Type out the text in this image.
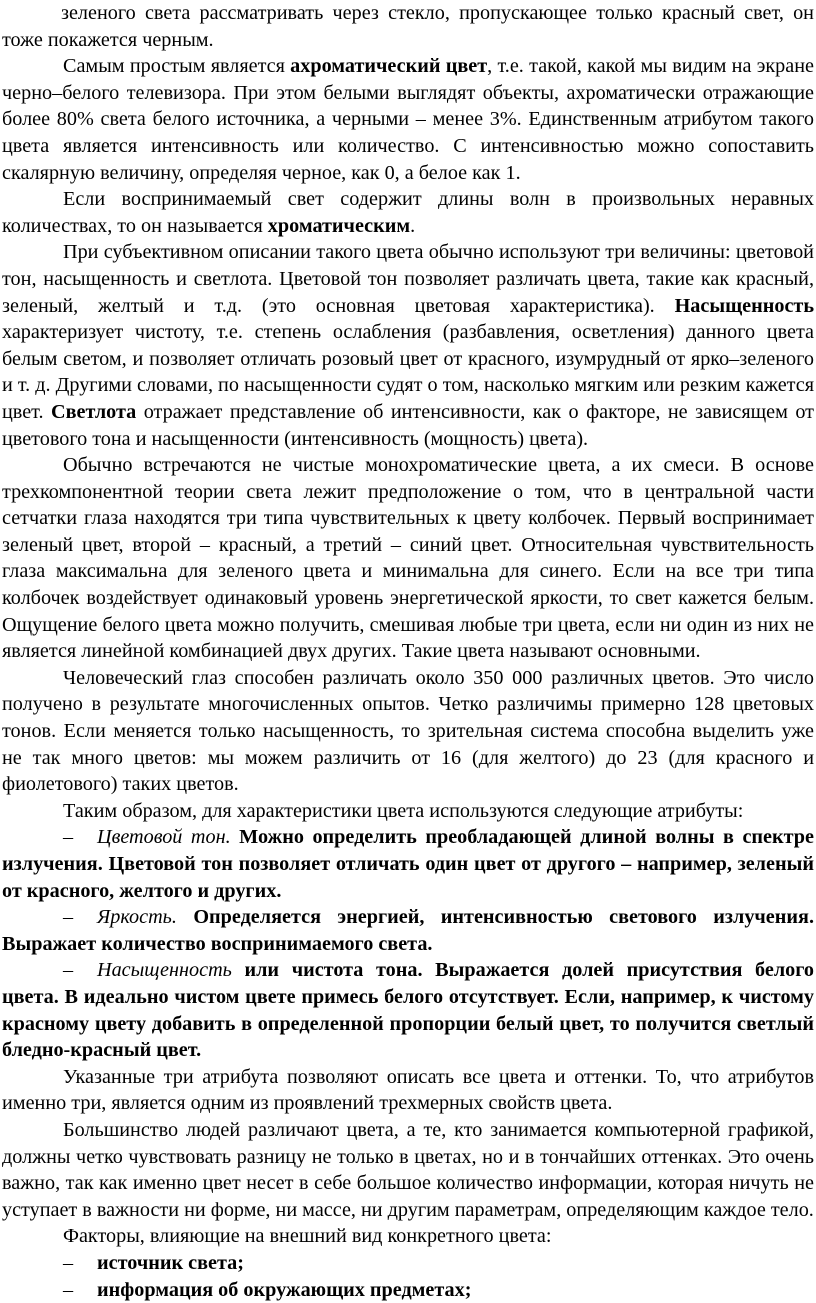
зеленого света рассматривать через стекло, пропускающее только красный свет, он тоже покажется черным.

Самым простым является ахроматический цвет, т.е. такой, какой мы видим на экране черно–белого телевизора. При этом белыми выглядят объекты, ахроматически отражающие более 80% света белого источника, а черными – менее 3%. Единственным атрибутом такого цвета является интенсивность или количество. С интенсивностью можно сопоставить скалярную величину, определяя черное, как 0, а белое как 1.

Если воспринимаемый свет содержит длины волн в произвольных неравных количествах, то он называется хроматическим.

При субъективном описании такого цвета обычно используют три величины: цветовой тон, насыщенность и светлота. Цветовой тон позволяет различать цвета, такие как красный, зеленый, желтый и т.д. (это основная цветовая характеристика). Насыщенность характеризует чистоту, т.е. степень ослабления (разбавления, осветления) данного цвета белым светом, и позволяет отличать розовый цвет от красного, изумрудный от ярко–зеленого и т. д. Другими словами, по насыщенности судят о том, насколько мягким или резким кажется цвет. Светлота отражает представление об интенсивности, как о факторе, не зависящем от цветового тона и насыщенности (интенсивность (мощность) цвета).

Обычно встречаются не чистые монохроматические цвета, а их смеси. В основе трехкомпонентной теории света лежит предположение о том, что в центральной части сетчатки глаза находятся три типа чувствительных к цвету колбочек. Первый воспринимает зеленый цвет, второй – красный, а третий – синий цвет. Относительная чувствительность глаза максимальна для зеленого цвета и минимальна для синего. Если на все три типа колбочек воздействует одинаковый уровень энергетической яркости, то свет кажется белым. Ощущение белого цвета можно получить, смешивая любые три цвета, если ни один из них не является линейной комбинацией двух других. Такие цвета называют основными.

Человеческий глаз способен различать около 350 000 различных цветов. Это число получено в результате многочисленных опытов. Четко различимы примерно 128 цветовых тонов. Если меняется только насыщенность, то зрительная система способна выделить уже не так много цветов: мы можем различить от 16 (для желтого) до 23 (для красного и фиолетового) таких цветов.

Таким образом, для характеристики цвета используются следующие атрибуты:

– Цветовой тон. Можно определить преобладающей длиной волны в спектре излучения. Цветовой тон позволяет отличать один цвет от другого – например, зеленый от красного, желтого и других.

– Яркость. Определяется энергией, интенсивностью светового излучения. Выражает количество воспринимаемого света.

– Насыщенность или чистота тона. Выражается долей присутствия белого цвета. В идеально чистом цвете примесь белого отсутствует. Если, например, к чистому красному цвету добавить в определенной пропорции белый цвет, то получится светлый бледно-красный цвет.

Указанные три атрибута позволяют описать все цвета и оттенки. То, что атрибутов именно три, является одним из проявлений трехмерных свойств цвета.

Большинство людей различают цвета, а те, кто занимается компьютерной графикой, должны четко чувствовать разницу не только в цветах, но и в тончайших оттенках. Это очень важно, так как именно цвет несет в себе большое количество информации, которая ничуть не уступает в важности ни форме, ни массе, ни другим параметрам, определяющим каждое тело.

Факторы, влияющие на внешний вид конкретного цвета:

– источник света;
– информация об окружающих предметах;
